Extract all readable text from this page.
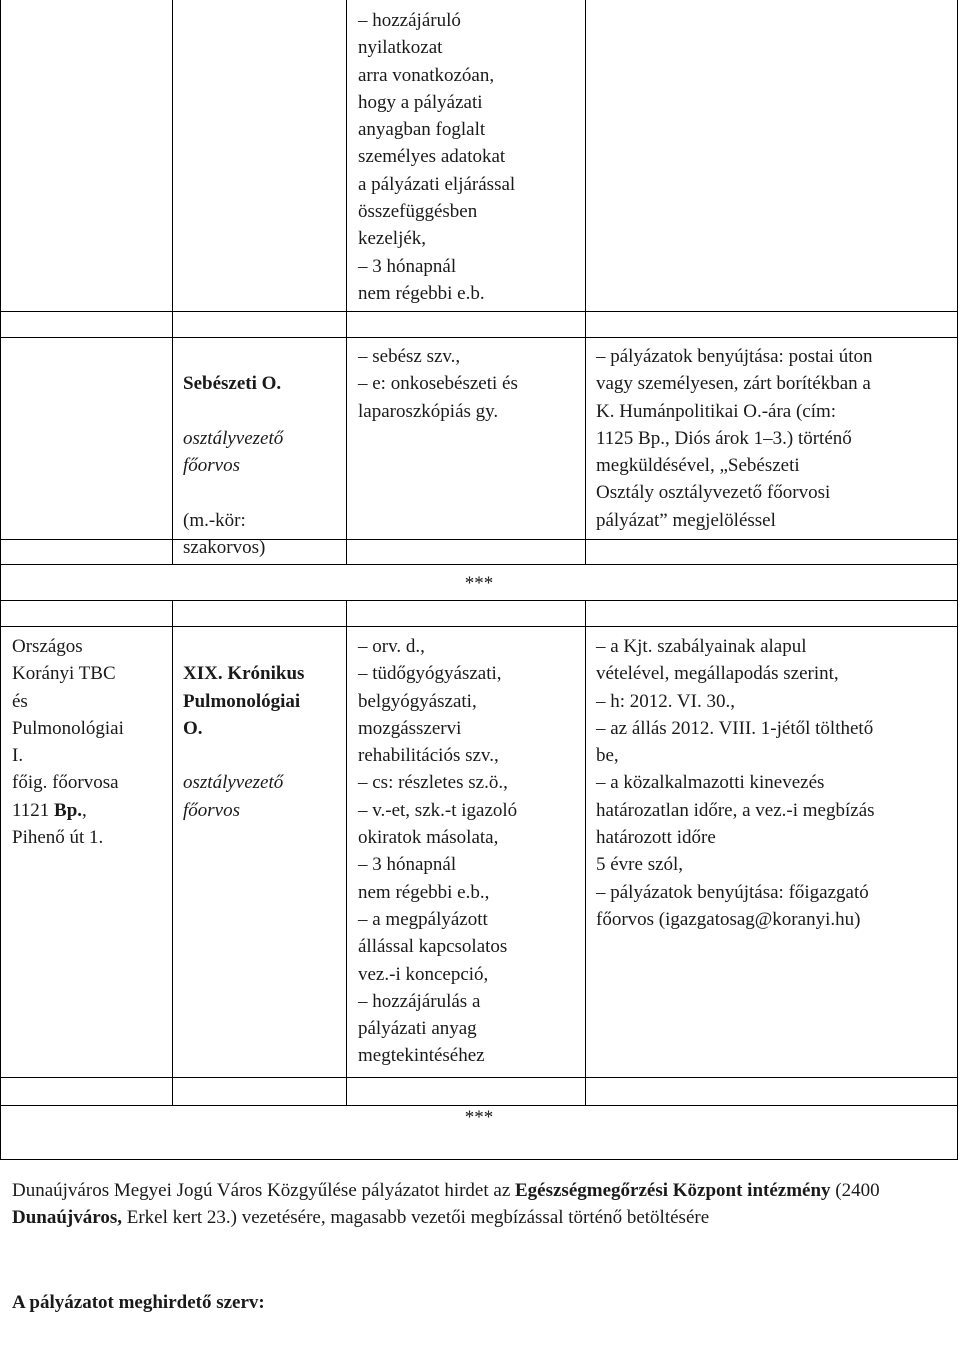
– hozzájáruló
nyilatkozat
arra vonatkozóan,
hogy a pályázati
anyagban foglalt
személyes adatokat
a pályázati eljárással
összefüggésben
kezeljék,
– 3 hónapnál
nem régebbi e.b.

Sebészeti O.

osztályvezető
főorvos

(m.-kör:
szakorvos)

– sebész szv.,
– e: onkosebészeti és
laparoszkópiás gy.
– pályázatok benyújtása: postai úton
vagy személyesen, zárt borítékban a
K. Humánpolitikai O.-ára (cím:
1125 Bp., Diós árok 1–3.) történő
megküldésével, „Sebészeti
Osztály osztályvezető főorvosi
pályázat” megjelöléssel
***
Országos
Korányi TBC
és
Pulmonológiai
I.
főig. főorvosa
1121 Bp.,
Pihenő út 1.

XIX. Krónikus
Pulmonológiai
O.

osztályvezető
főorvos

– orv. d.,
– tüdőgyógyászati,
belgyógyászati,
mozgásszervi
rehabilitációs szv.,
– cs: részletes sz.ö.,
– v.-et, szk.-t igazoló
okiratok másolata,
– 3 hónapnál
nem régebbi e.b.,
– a megpályázott
állással kapcsolatos
vez.-i koncepció,
– hozzájárulás a
pályázati anyag
megtekintéséhez
– a Kjt. szabályainak alapul
vételével, megállapodás szerint,
– h: 2012. VI. 30.,
– az állás 2012. VIII. 1-jétől tölthető
be,
– a közalkalmazotti kinevezés
határozatlan időre, a vez.-i megbízás
határozott időre
5 évre szól,
– pályázatok benyújtása: főigazgató
főorvos (igazgatosag@koranyi.hu)
***
Dunaújváros Megyei Jogú Város Közgyűlése pályázatot hirdet az Egészségmegőrzési Központ intézmény (2400 Dunaújváros, Erkel kert 23.) vezetésére, magasabb vezetői megbízással történő betöltésére
A pályázatot meghirdető szerv:
